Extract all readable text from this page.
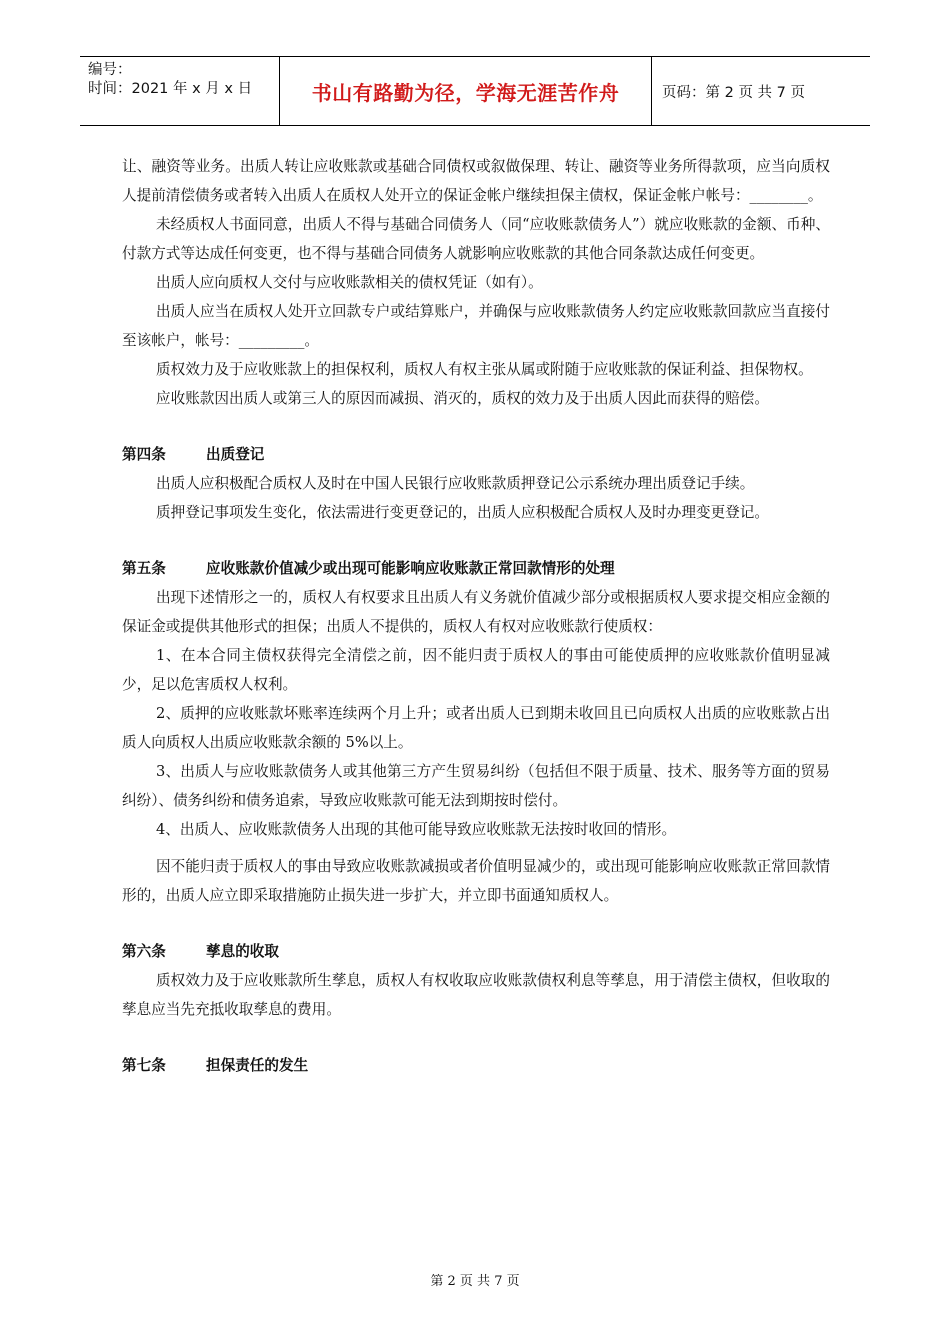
编号：
时间：2021 年 x 月 x 日	书山有路勤为径，学海无涯苦作舟	页码：第 2 页 共 7 页

让、融资等业务。出质人转让应收账款或基础合同债权或叙做保理、转让、融资等业务所得款项，应当向质权人提前清偿债务或者转入出质人在质权人处开立的保证金帐户继续担保主债权，保证金帐户帐号：________。

未经质权人书面同意，出质人不得与基础合同债务人（同“应收账款债务人”）就应收账款的金额、币种、付款方式等达成任何变更，也不得与基础合同债务人就影响应收账款的其他合同条款达成任何变更。

出质人应向质权人交付与应收账款相关的债权凭证（如有）。

出质人应当在质权人处开立回款专户或结算账户，并确保与应收账款债务人约定应收账款回款应当直接付至该帐户，帐号：_________。

质权效力及于应收账款上的担保权利，质权人有权主张从属或附随于应收账款的保证利益、担保物权。

应收账款因出质人或第三人的原因而减损、消灭的，质权的效力及于出质人因此而获得的赔偿。

第四条	出质登记

出质人应积极配合质权人及时在中国人民银行应收账款质押登记公示系统办理出质登记手续。

质押登记事项发生变化，依法需进行变更登记的，出质人应积极配合质权人及时办理变更登记。

第五条	应收账款价值减少或出现可能影响应收账款正常回款情形的处理

出现下述情形之一的，质权人有权要求且出质人有义务就价值减少部分或根据质权人要求提交相应金额的保证金或提供其他形式的担保；出质人不提供的，质权人有权对应收账款行使质权：

1、在本合同主债权获得完全清偿之前，因不能归责于质权人的事由可能使质押的应收账款价值明显减少，足以危害质权人权利。

2、质押的应收账款坏账率连续两个月上升；或者出质人已到期未收回且已向质权人出质的应收账款占出质人向质权人出质应收账款余额的 5%以上。

3、出质人与应收账款债务人或其他第三方产生贸易纠纷（包括但不限于质量、技术、服务等方面的贸易纠纷）、债务纠纷和债务追索，导致应收账款可能无法到期按时偿付。

4、出质人、应收账款债务人出现的其他可能导致应收账款无法按时收回的情形。

因不能归责于质权人的事由导致应收账款减损或者价值明显减少的，或出现可能影响应收账款正常回款情形的，出质人应立即采取措施防止损失进一步扩大，并立即书面通知质权人。

第六条	孳息的收取

质权效力及于应收账款所生孳息，质权人有权收取应收账款债权利息等孳息，用于清偿主债权，但收取的孳息应当先充抵收取孳息的费用。

第七条	担保责任的发生

第 2 页 共 7 页
